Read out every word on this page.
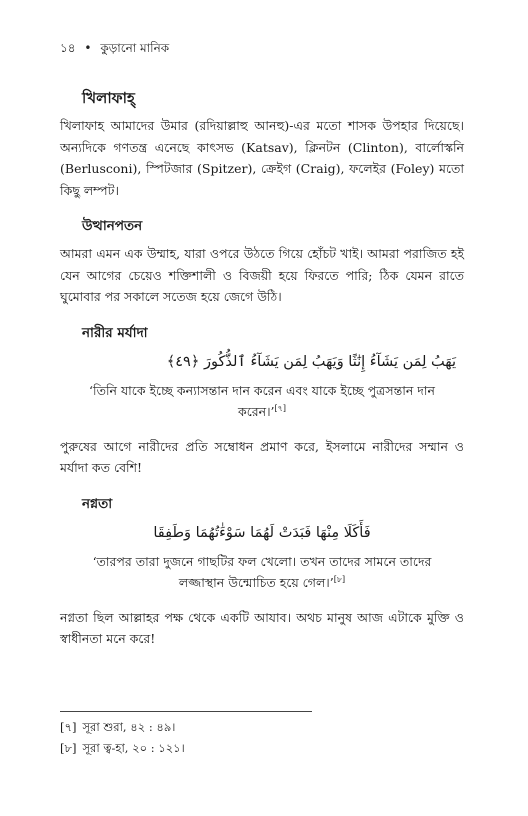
১৪ • কুড়ানো মানিক
খিলাফাহ্

খিলাফাহ আমাদের উমার (রদিয়াল্লাহু আনহু)-এর মতো শাসক উপহার দিয়েছে। অন্যদিকে গণতন্ত্র এনেছে কাৎসভ (Katsav), ক্লিনটন (Clinton), বার্লোস্কনি (Berlusconi), স্পিটজার (Spitzer), ক্রেইগ (Craig), ফলেইর (Foley) মতো কিছু লম্পট।

উত্থানপতন

আমরা এমন এক উম্মাহ, যারা ওপরে উঠতে গিয়ে হোঁচট খাই। আমরা পরাজিত হই যেন আগের চেয়েও শক্তিশালী ও বিজয়ী হয়ে ফিরতে পারি; ঠিক যেমন রাতে ঘুমোবার পর সকালে সতেজ হয়ে জেগে উঠি।

নারীর মর্যাদা
يَهَبُ لِمَن يَشَآءُ إِنَٰثًا وَيَهَبُ لِمَن يَشَآءُ ٱلذُّكُورَ ﴿٤٩﴾
‘তিনি যাকে ইচ্ছে কন্যাসন্তান দান করেন এবং যাকে ইচ্ছে পুত্রসন্তান দান করেন।’[৭]

পুরুষের আগে নারীদের প্রতি সম্বোধন প্রমাণ করে, ইসলামে নারীদের সম্মান ও মর্যাদা কত বেশি!

নগ্নতা
فَأَكَلَا مِنْهَا فَبَدَتْ لَهُمَا سَوْءَٰتُهُمَا وَطَفِقَا
‘তারপর তারা দুজনে গাছটির ফল খেলো। তখন তাদের সামনে তাদের লজ্জাস্থান উন্মোচিত হয়ে গেল।’[৮]

নগ্নতা ছিল আল্লাহর পক্ষ থেকে একটি আযাব। অথচ মানুষ আজ এটাকে মুক্তি ও স্বাধীনতা মনে করে!

[৭] সূরা শুরা, ৪২ : ৪৯।
[৮] সূরা ত্ব-হা, ২০ : ১২১।
